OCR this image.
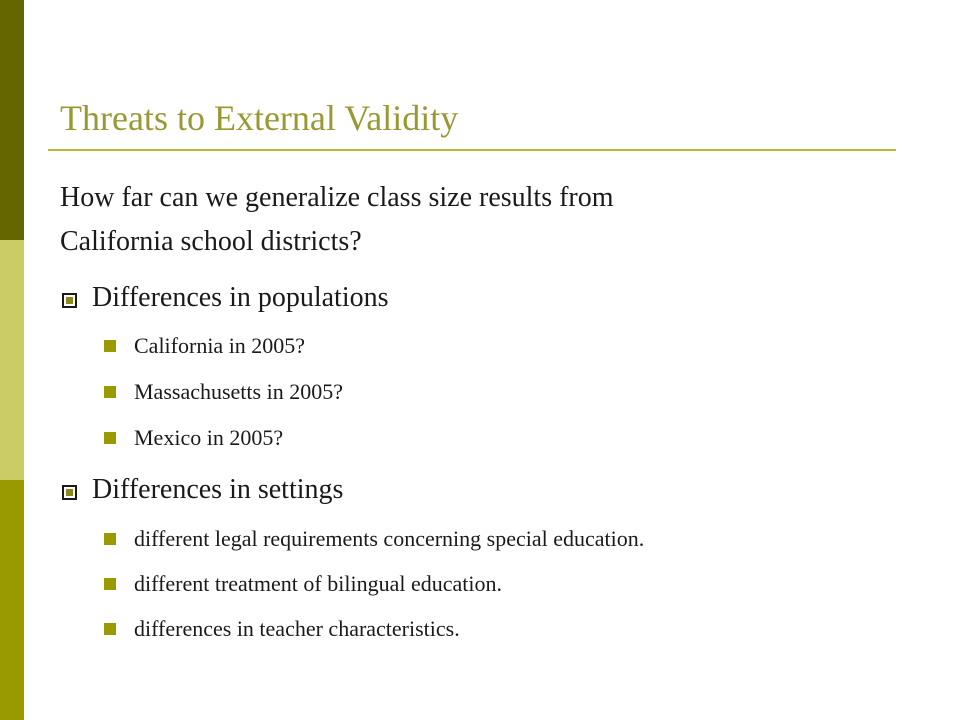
Threats to External Validity
How far can we generalize class size results from
California school districts?
Differences in populations
California in 2005?
Massachusetts in 2005?
Mexico in 2005?
Differences in settings
different legal requirements concerning special education.
different treatment of bilingual education.
differences in teacher characteristics.
